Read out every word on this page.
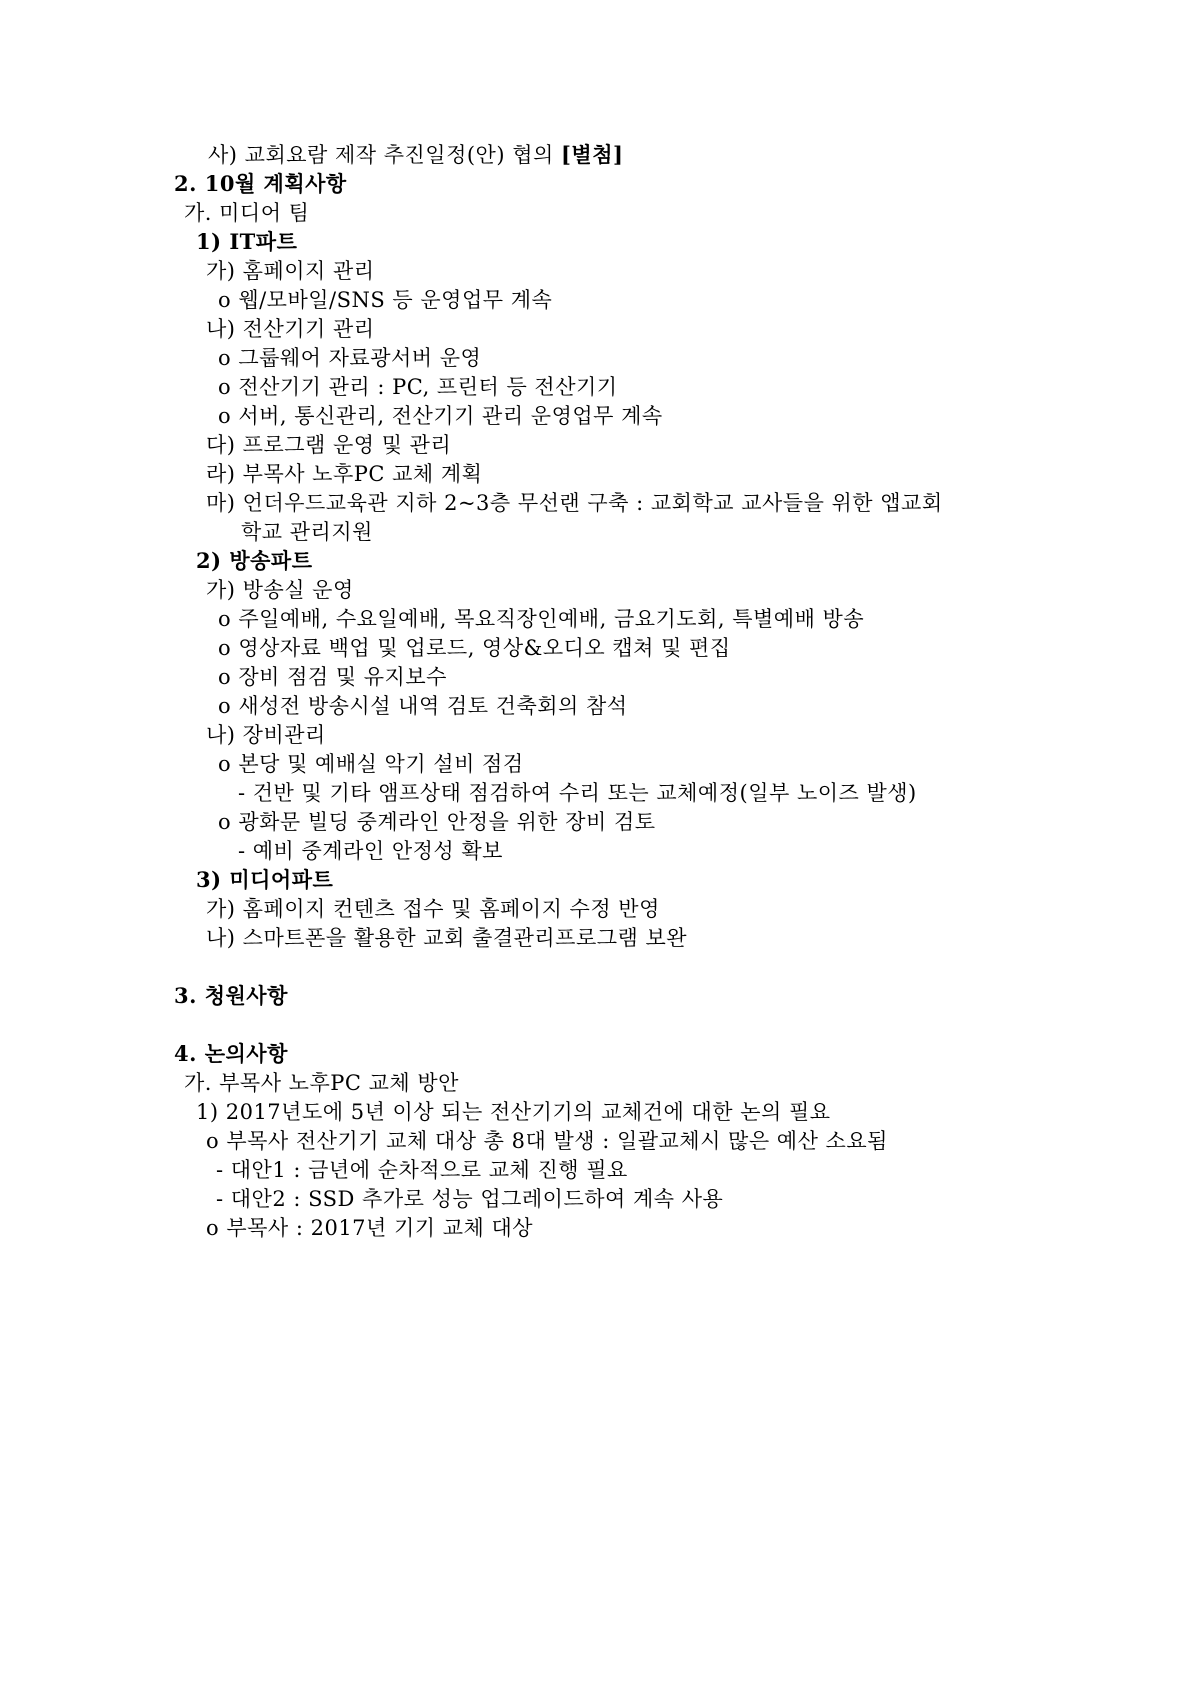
사) 교회요람 제작 추진일정(안) 협의 [별첨]
2. 10월 계획사항
가. 미디어 팀
1) IT파트
가) 홈페이지 관리
o 웹/모바일/SNS 등 운영업무 계속
나) 전산기기 관리
o 그룹웨어 자료광서버 운영
o 전산기기 관리 : PC, 프린터 등 전산기기
o 서버, 통신관리, 전산기기 관리 운영업무 계속
다) 프로그램 운영 및 관리
라) 부목사 노후PC 교체 계획
마) 언더우드교육관 지하 2~3층 무선랜 구축 : 교회학교 교사들을 위한 앱교회
학교 관리지원
2) 방송파트
가) 방송실 운영
o 주일예배, 수요일예배, 목요직장인예배, 금요기도회, 특별예배 방송
o 영상자료 백업 및 업로드, 영상&오디오 캡쳐 및 편집
o 장비 점검 및 유지보수
o 새성전 방송시설 내역 검토 건축회의 참석
나) 장비관리
o 본당 및 예배실 악기 설비 점검
- 건반 및 기타 앰프상태 점검하여 수리 또는 교체예정(일부 노이즈 발생)
o 광화문 빌딩 중계라인 안정을 위한 장비 검토
- 예비 중계라인 안정성 확보
3) 미디어파트
가) 홈페이지 컨텐츠 접수 및 홈페이지 수정 반영
나) 스마트폰을 활용한 교회 출결관리프로그램 보완
3. 청원사항
4. 논의사항
가. 부목사 노후PC 교체 방안
1) 2017년도에 5년 이상 되는 전산기기의 교체건에 대한 논의 필요
o 부목사 전산기기 교체 대상 총 8대 발생 : 일괄교체시 많은 예산 소요됨
- 대안1 : 금년에 순차적으로 교체 진행 필요
- 대안2 : SSD 추가로 성능 업그레이드하여 계속 사용
o 부목사 : 2017년 기기 교체 대상
